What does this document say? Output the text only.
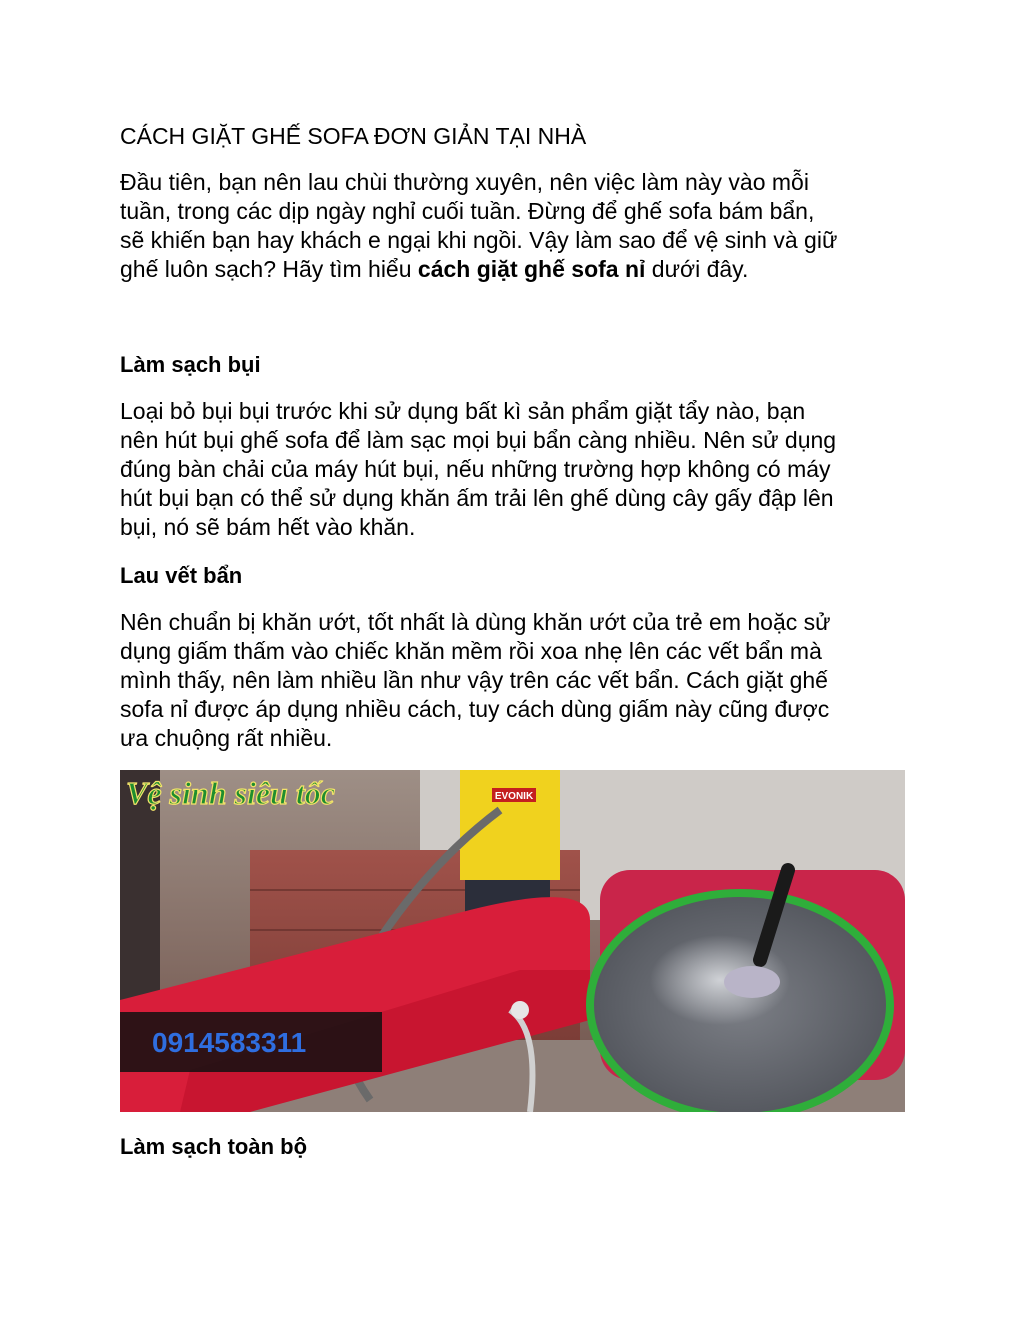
CÁCH GIẶT GHẾ SOFA ĐƠN GIẢN TẠI NHÀ
Đầu tiên, bạn nên lau chùi thường xuyên, nên việc làm này vào mỗi
tuần, trong các dịp ngày nghỉ cuối tuần. Đừng để ghế sofa bám bẩn,
sẽ khiến bạn hay khách e ngại khi ngồi. Vậy làm sao để vệ sinh và giữ
ghế luôn sạch? Hãy tìm hiểu cách giặt ghế sofa nỉ dưới đây.
Làm sạch bụi
Loại bỏ bụi bụi trước khi sử dụng bất kì sản phẩm giặt tẩy nào, bạn
nên hút bụi ghế sofa để làm sạc mọi bụi bẩn càng nhiều. Nên sử dụng
đúng bàn chải của máy hút bụi, nếu những trường hợp không có máy
hút bụi bạn có thể sử dụng khăn ấm trải lên ghế dùng cây gấy đập lên
bụi, nó sẽ bám hết vào khăn.
Lau vết bẩn
Nên chuẩn bị khăn ướt, tốt nhất là dùng khăn ướt của trẻ em hoặc sử
dụng giấm thấm vào chiếc khăn mềm rồi xoa nhẹ lên các vết bẩn mà
mình thấy, nên làm nhiều lần như vậy trên các vết bẩn. Cách giặt ghế
sofa nỉ được áp dụng nhiều cách, tuy cách dùng giấm này cũng được
ưa chuộng rất nhiều.
Làm sạch toàn bộ
EVONIK
Vệ sinh siêu tốc
0914583311
